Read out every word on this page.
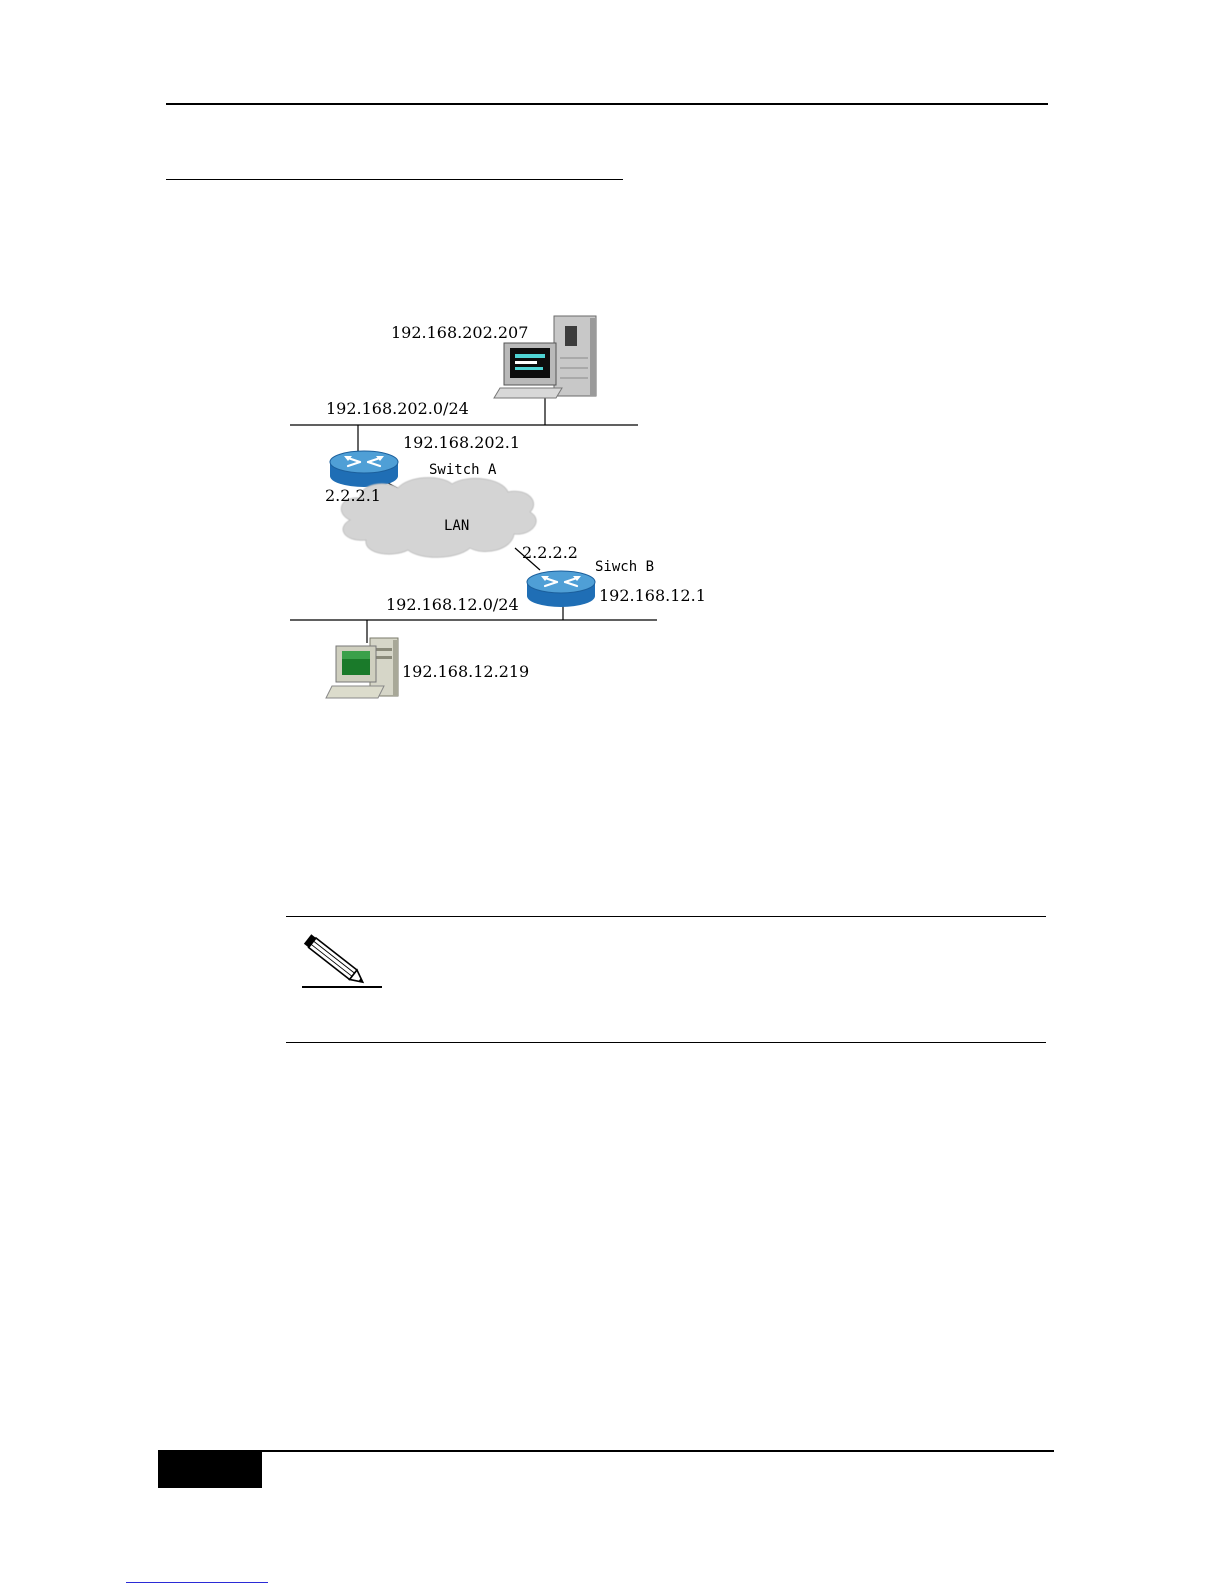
192.168.202.207
192.168.202.0/24
192.168.202.1
Switch A
2.2.2.1
LAN
2.2.2.2
Siwch B
192.168.12.1
192.168.12.0/24
192.168.12.219
